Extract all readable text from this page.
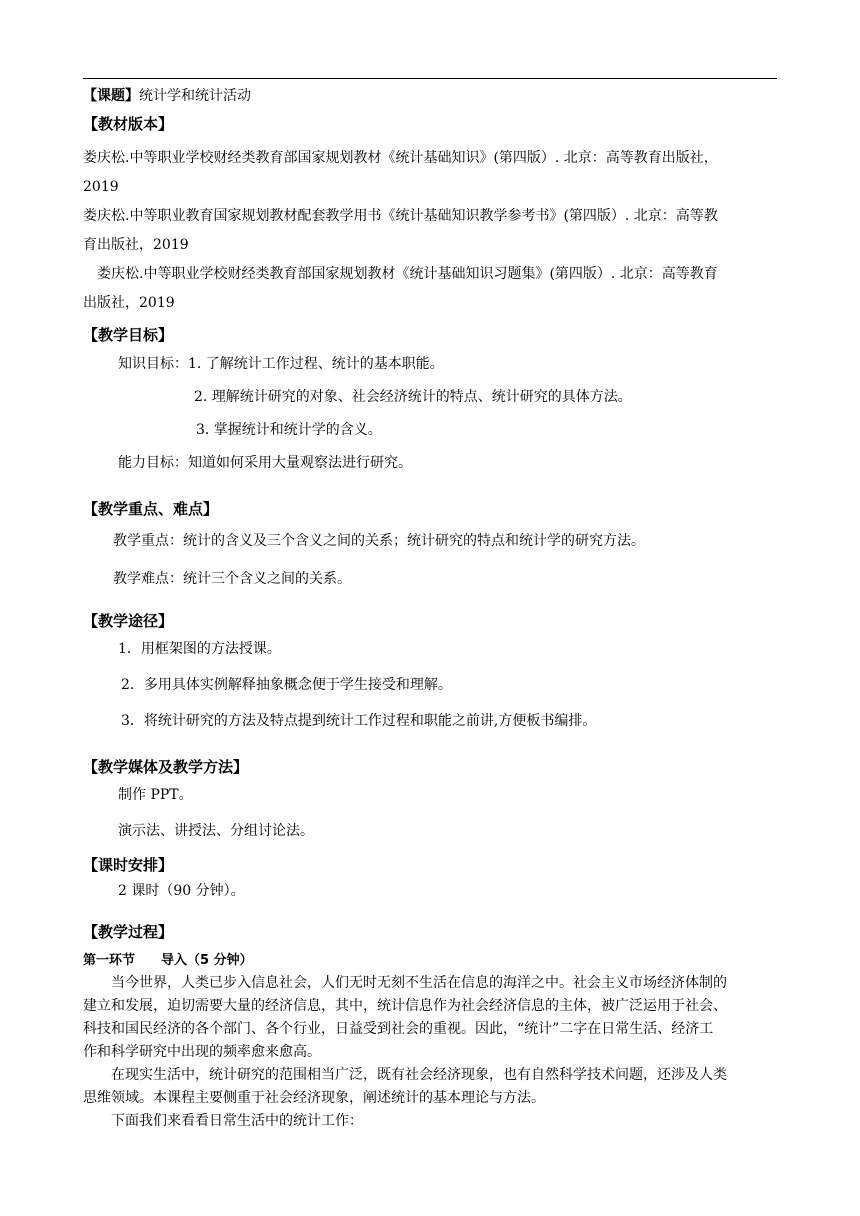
【课题】统计学和统计活动
【教材版本】
娄庆松.中等职业学校财经类教育部国家规划教材《统计基础知识》(第四版）. 北京：高等教育出版社，
2019
娄庆松.中等职业教育国家规划教材配套教学用书《统计基础知识教学参考书》(第四版）. 北京：高等教
育出版社，2019
娄庆松.中等职业学校财经类教育部国家规划教材《统计基础知识习题集》(第四版）. 北京：高等教育
出版社，2019
【教学目标】
知识目标：1. 了解统计工作过程、统计的基本职能。
2. 理解统计研究的对象、社会经济统计的特点、统计研究的具体方法。
3. 掌握统计和统计学的含义。
能力目标：知道如何采用大量观察法进行研究。
【教学重点、难点】
教学重点：统计的含义及三个含义之间的关系；统计研究的特点和统计学的研究方法。
教学难点：统计三个含义之间的关系。
【教学途径】
1．用框架图的方法授课。
2．多用具体实例解释抽象概念便于学生接受和理解。
3．将统计研究的方法及特点提到统计工作过程和职能之前讲,方便板书编排。
【教学媒体及教学方法】
制作 PPT。
演示法、讲授法、分组讨论法。
【课时安排】
2 课时（90 分钟）。
【教学过程】
第一环节　　导入（5 分钟）
当今世界，人类已步入信息社会，人们无时无刻不生活在信息的海洋之中。社会主义市场经济体制的
建立和发展，迫切需要大量的经济信息，其中，统计信息作为社会经济信息的主体，被广泛运用于社会、
科技和国民经济的各个部门、各个行业，日益受到社会的重视。因此，“统计”二字在日常生活、经济工
作和科学研究中出现的频率愈来愈高。
在现实生活中，统计研究的范围相当广泛，既有社会经济现象，也有自然科学技术问题，还涉及人类
思维领域。本课程主要侧重于社会经济现象，阐述统计的基本理论与方法。
下面我们来看看日常生活中的统计工作：
